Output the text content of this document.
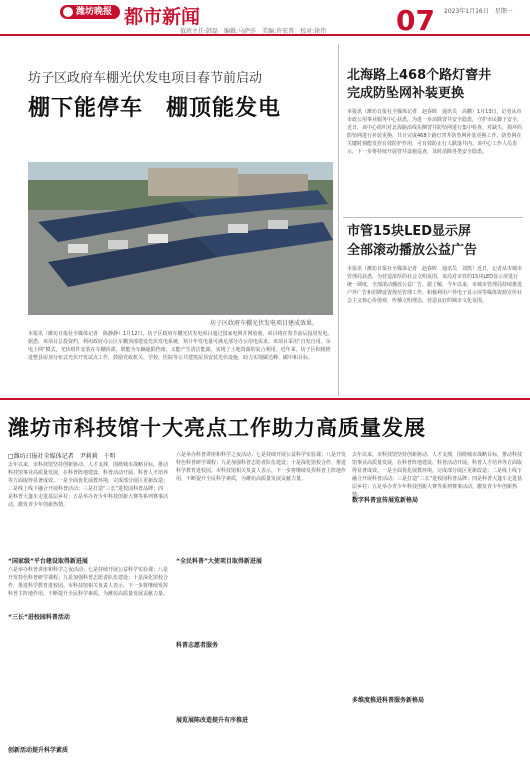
潍坊晚报 都市新闻
值班主任:韩磊　编辑:马萨莎　美编:许宏普　校对:徐伟 07 2023年1月16日　星期一
坊子区政府车棚光伏发电项目春节前启动
棚下能停车　棚顶能发电
坊子区政府车棚光伏发电项目建成效果。
本报讯（潍坊日报社全媒体记者　陈静静）1月12日，坊子区政府车棚光伏发电项目通过国家电网并网验收。项目将在春节前后投用发电。据悉，该项目总投资约，利用政府办公区车棚顶部建设光伏发电系统，预计年发电量可满足部分办公用电需求。该项目采用“自发自用、余电上网”模式，光伏组件安装在车棚顶部，既能为车辆遮阳挡雨，又能产生清洁能源，实现了土地资源的复合利用。近年来，坊子区积极推进整县屋顶分布式光伏开发试点工作，鼓励党政机关、学校、医院等公共建筑屋顶安装光伏设施，助力实现碳达峰、碳中和目标。
北海路上468个路灯窨井
完成防坠网补装更换
本报讯（潍坊日报社全媒体记者　赵春晖　通讯员　高鹏）1月13日，记者从市市政公用事业服务中心获悉，为进一步消除窨井安全隐患，守护市民脚下安全，近日，该中心组织对北海路沿线东侧窨井防坠网进行集中检查，对缺失、损坏的防坠网进行补装更换，共计完成468个路灯窨井防坠网补装更换工作。防坠网在关键时刻能发挥有效防护作用，可有效防止行人跌落井内。该中心工作人员表示，下一步将持续开展窨井设施巡查，及时消除各类安全隐患。
市管15块LED显示屏
全部滚动播放公益广告
本报讯（潍坊日报社全媒体记者　赵春晖　通讯员　刘凯）近日，记者从市城市管理局获悉，为营造浓厚的社会文明氛围，该局对市管的15块LED显示屏进行统一调度，全部滚动播放公益广告。据了解，今年以来，市城市管理局持续推进户外广告和招牌设置规范管理工作，积极利用户外电子显示屏等媒体资源宣传社会主义核心价值观，传播文明理念，营造良好的城市文化氛围。
潍坊市科技馆十大亮点工作助力高质量发展
□潍坊日报社全媒体记者　尹莉莉　于明
去年以来，市科技馆坚持创新驱动、人才支撑，围绕城市战略目标，推动科技馆事业高质量发展，在科普阵地建设、科普活动开展、科普人才培养等方面取得显著成效。一是全面优化展教环境，完成部分展区更新改造；二是线上线下融合开展科普活动；三是打造“三长”进校园科普品牌；四是科普大篷车走进基层乡村；五是举办青少年科技创新大赛等系列赛事活动，激发青少年创新热情。
“国家级”平台建设取得新进展
六是举办科普讲座和科学之夜活动；七是持续开展公益科学实验课；八是开发特色科普研学课程；九是加强科普志愿者队伍建设；十是深化馆校合作，推进科学教育进校园。市科技馆相关负责人表示，下一步将继续发挥科普主阵地作用，不断提升全民科学素质，为潍坊高质量发展贡献力量。
“三长”进校园科普活动
创新活动提升科学素质
“全民科普”大使项目取得新进展
六是举办科普讲座和科学之夜活动；七是持续开展公益科学实验课；八是开发特色科普研学课程；九是加强科普志愿者队伍建设；十是深化馆校合作，推进科学教育进校园。市科技馆相关负责人表示，下一步将继续发挥科普主阵地作用，不断提升全民科学素质，为潍坊高质量发展贡献力量。
科普志愿者服务
展览展陈改造提升有序推进
数字科普宣传展览新格局
去年以来，市科技馆坚持创新驱动、人才支撑，围绕城市战略目标，推动科技馆事业高质量发展，在科普阵地建设、科普活动开展、科普人才培养等方面取得显著成效。一是全面优化展教环境，完成部分展区更新改造；二是线上线下融合开展科普活动；三是打造“三长”进校园科普品牌；四是科普大篷车走进基层乡村；五是举办青少年科技创新大赛等系列赛事活动，激发青少年创新热情。
多维度推进科普服务新格局
